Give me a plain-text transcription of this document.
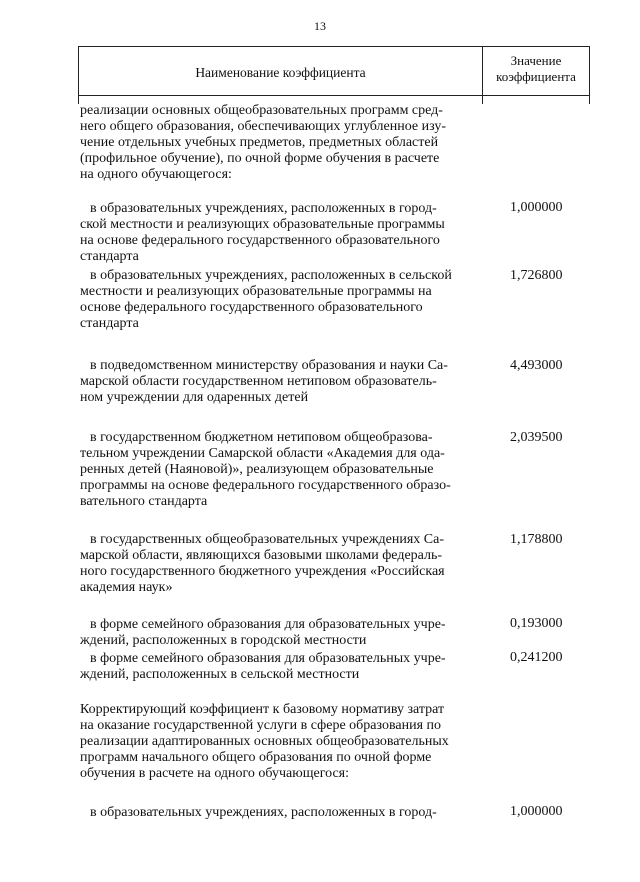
13
Наименование коэффициента
Значение
коэффициента
реализации основных общеобразовательных программ сред-
него общего образования, обеспечивающих углубленное изу-
чение отдельных учебных предметов, предметных областей
(профильное обучение), по очной форме обучения в расчете
на одного обучающегося:
в образовательных учреждениях, расположенных в город-
ской местности и реализующих образовательные программы
на основе федерального государственного образовательного
стандарта
1,000000
в образовательных учреждениях, расположенных в сельской
местности и реализующих образовательные программы на
основе федерального государственного образовательного
стандарта
1,726800
в подведомственном министерству образования и науки Са-
марской области государственном нетиповом образователь-
ном учреждении для одаренных детей
4,493000
в государственном бюджетном нетиповом общеобразова-
тельном учреждении Самарской области «Академия для ода-
ренных детей (Наяновой)», реализующем образовательные
программы на основе федерального государственного образо-
вательного стандарта
2,039500
в государственных общеобразовательных учреждениях Са-
марской области, являющихся базовыми школами федераль-
ного государственного бюджетного учреждения «Российская
академия наук»
1,178800
в форме семейного образования для образовательных учре-
ждений, расположенных в городской местности
0,193000
в форме семейного образования для образовательных учре-
ждений, расположенных в сельской местности
0,241200
Корректирующий коэффициент к базовому нормативу затрат
на оказание государственной услуги в сфере образования по
реализации адаптированных основных общеобразовательных
программ начального общего образования по очной форме
обучения в расчете на одного обучающегося:
в образовательных учреждениях, расположенных в город-	1,000000
